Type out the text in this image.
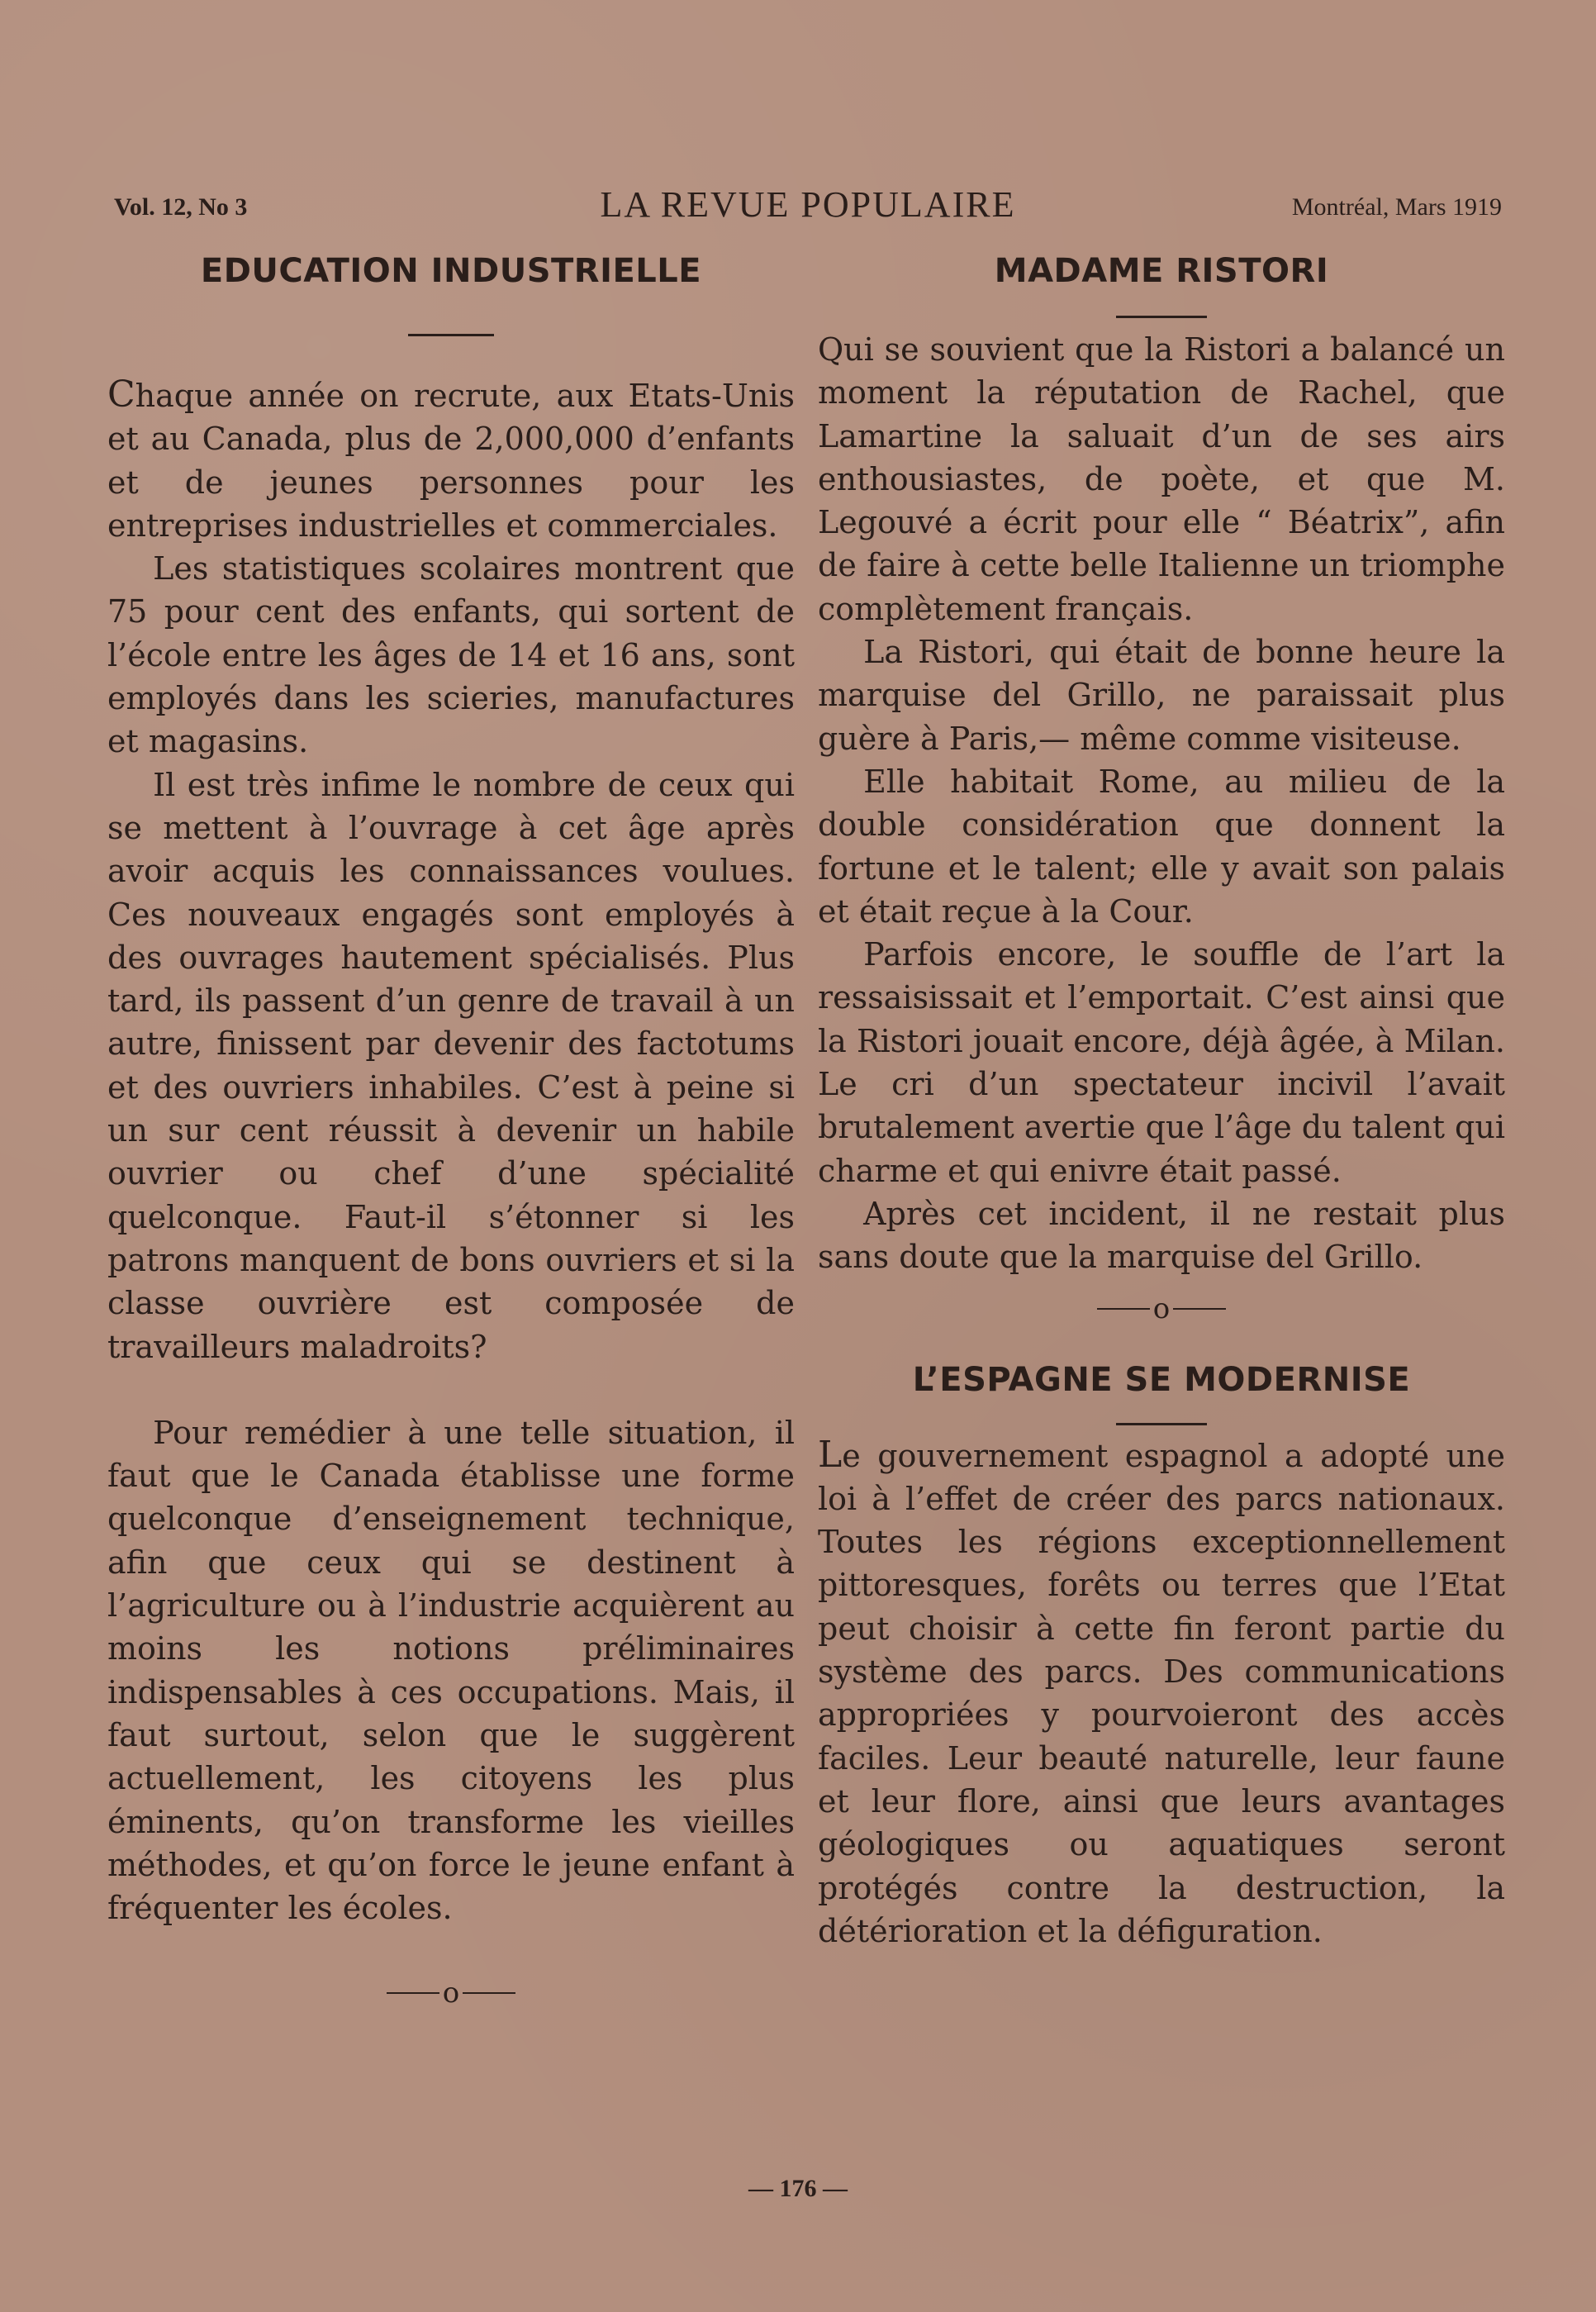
Vol. 12, No 3	LA REVUE POPULAIRE	Montréal, Mars 1919
EDUCATION INDUSTRIELLE

Chaque année on recrute, aux Etats-Unis et au Canada, plus de 2,000,000 d’enfants et de jeunes personnes pour les entreprises industrielles et commerciales.

Les statistiques scolaires montrent que 75 pour cent des enfants, qui sortent de l’école entre les âges de 14 et 16 ans, sont employés dans les scieries, manufactures et magasins.

Il est très infime le nombre de ceux qui se mettent à l’ouvrage à cet âge après avoir acquis les connaissances voulues. Ces nouveaux engagés sont employés à des ouvrages hautement spécialisés. Plus tard, ils passent d’un genre de travail à un autre, finissent par devenir des factotums et des ouvriers inhabiles. C’est à peine si un sur cent réussit à devenir un habile ouvrier ou chef d’une spécialité quelconque. Faut-il s’étonner si les patrons manquent de bons ouvriers et si la classe ouvrière est composée de travailleurs maladroits?

Pour remédier à une telle situation, il faut que le Canada établisse une forme quelconque d’enseignement technique, afin que ceux qui se destinent à l’agriculture ou à l’industrie acquièrent au moins les notions préliminaires indispensables à ces occupations. Mais, il faut surtout, selon que le suggèrent actuellement, les citoyens les plus éminents, qu’on transforme les vieilles méthodes, et qu’on force le jeune enfant à fréquenter les écoles.

o
MADAME RISTORI

Qui se souvient que la Ristori a balancé un moment la réputation de Rachel, que Lamartine la saluait d’un de ses airs enthousiastes, de poète, et que M. Legouvé a écrit pour elle “ Béatrix”, afin de faire à cette belle Italienne un triomphe complètement français.

La Ristori, qui était de bonne heure la marquise del Grillo, ne paraissait plus guère à Paris,— même comme visiteuse.

Elle habitait Rome, au milieu de la double considération que donnent la fortune et le talent; elle y avait son palais et était reçue à la Cour.

Parfois encore, le souffle de l’art la ressaisissait et l’emportait. C’est ainsi que la Ristori jouait encore, déjà âgée, à Milan. Le cri d’un spectateur incivil l’avait brutalement avertie que l’âge du talent qui charme et qui enivre était passé.

Après cet incident, il ne restait plus sans doute que la marquise del Grillo.

o
L’ESPAGNE SE MODERNISE

Le gouvernement espagnol a adopté une loi à l’effet de créer des parcs nationaux. Toutes les régions exceptionnellement pittoresques, forêts ou terres que l’Etat peut choisir à cette fin feront partie du système des parcs. Des communications appropriées y pourvoieront des accès faciles. Leur beauté naturelle, leur faune et leur flore, ainsi que leurs avantages géologiques ou aquatiques seront protégés contre la destruction, la détérioration et la défiguration.

— 176 —
